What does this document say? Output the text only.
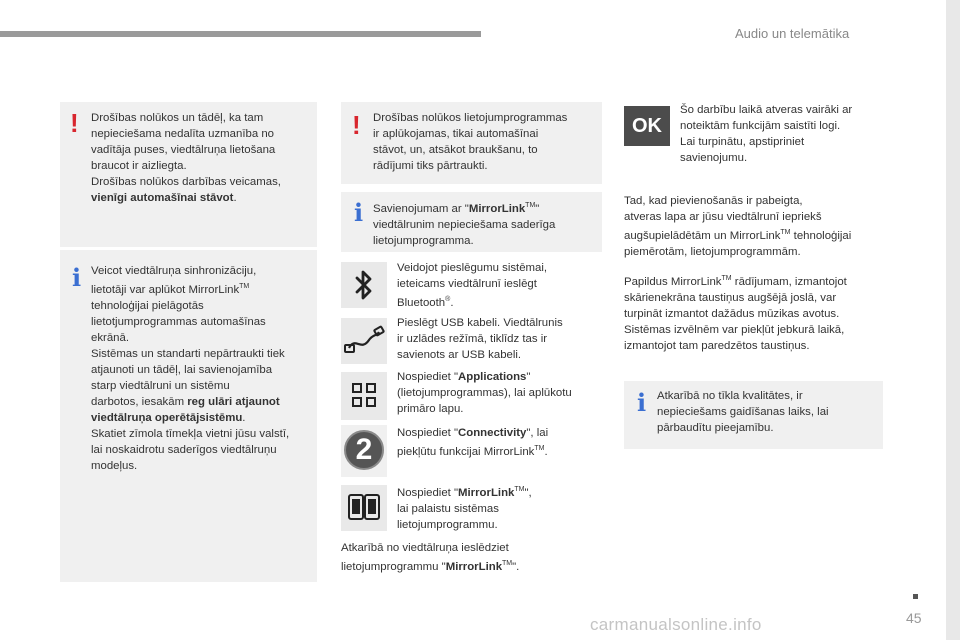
Audio un telemātika
45
carmanualsonline.info
! Drošības nolūkos un tādēļ, ka tam
nepieciešama nedalīta uzmanība no
vadītāja puses, viedtālruņa lietošana
braucot ir aizliegta.
Drošības nolūkos darbības veicamas,
vienīgi automašīnai stāvot.
i Veicot viedtālruņa sinhronizāciju,
lietotāji var aplūkot MirrorLink™
tehnoloģijai pielāgotās
lietotjumprogrammas automašīnas
ekrānā.
Sistēmas un standarti nepārtraukti tiek
atjaunoti un tādēļ, lai savienojamība
starp viedtālruni un sistēmu
darbotos, iesakām reg ulāri atjaunot
viedtālruņa operētājsistēmu.
Skatiet zīmola tīmekļa vietni jūsu valstī,
lai noskaidrotu saderīgos viedtālruņu
modeļus.
! Drošības nolūkos lietojumprogrammas
ir aplūkojamas, tikai automašīnai
stāvot, un, atsākot braukšanu, to
rādījumi tiks pārtraukti.
i Savienojumam ar "MirrorLink™"
viedtālrunim nepieciešama saderīga
lietojumprogramma.
Veidojot pieslēgumu sistēmai,
ieteicams viedtālrunī ieslēgt
Bluetooth®.
Pieslēgt USB kabeli. Viedtālrunis
ir uzlādes režīmā, tiklīdz tas ir
savienots ar USB kabeli.
Nospiediet "Applications"
(lietojumprogrammas), lai aplūkotu
primāro lapu.
2	Nospiediet "Connectivity", lai
piekļūtu funkcijai MirrorLink™.
Nospiediet "MirrorLink™",
lai palaistu sistēmas
lietojumprogrammu.
Atkarībā no viedtālruņa ieslēdziet
lietojumprogrammu "MirrorLink™".
OK
Šo darbību laikā atveras vairāki ar
noteiktām funkcijām saistīti logi.
Lai turpinātu, apstipriniet
savienojumu.
Tad, kad pievienošanās ir pabeigta,
atveras lapa ar jūsu viedtālrunī iepriekš
augšupielādētām un MirrorLink™ tehnoloģijai
piemērotām, lietojumprogrammām.
Papildus MirrorLink™ rādījumam, izmantojot
skārienekrāna taustiņus augšējā joslā, var
turpināt izmantot dažādus mūzikas avotus.
Sistēmas izvēlnēm var piekļūt jebkurā laikā,
izmantojot tam paredzētos taustiņus.
i Atkarībā no tīkla kvalitātes, ir
nepieciešams gaidīšanas laiks, lai
pārbaudītu pieejamību.
